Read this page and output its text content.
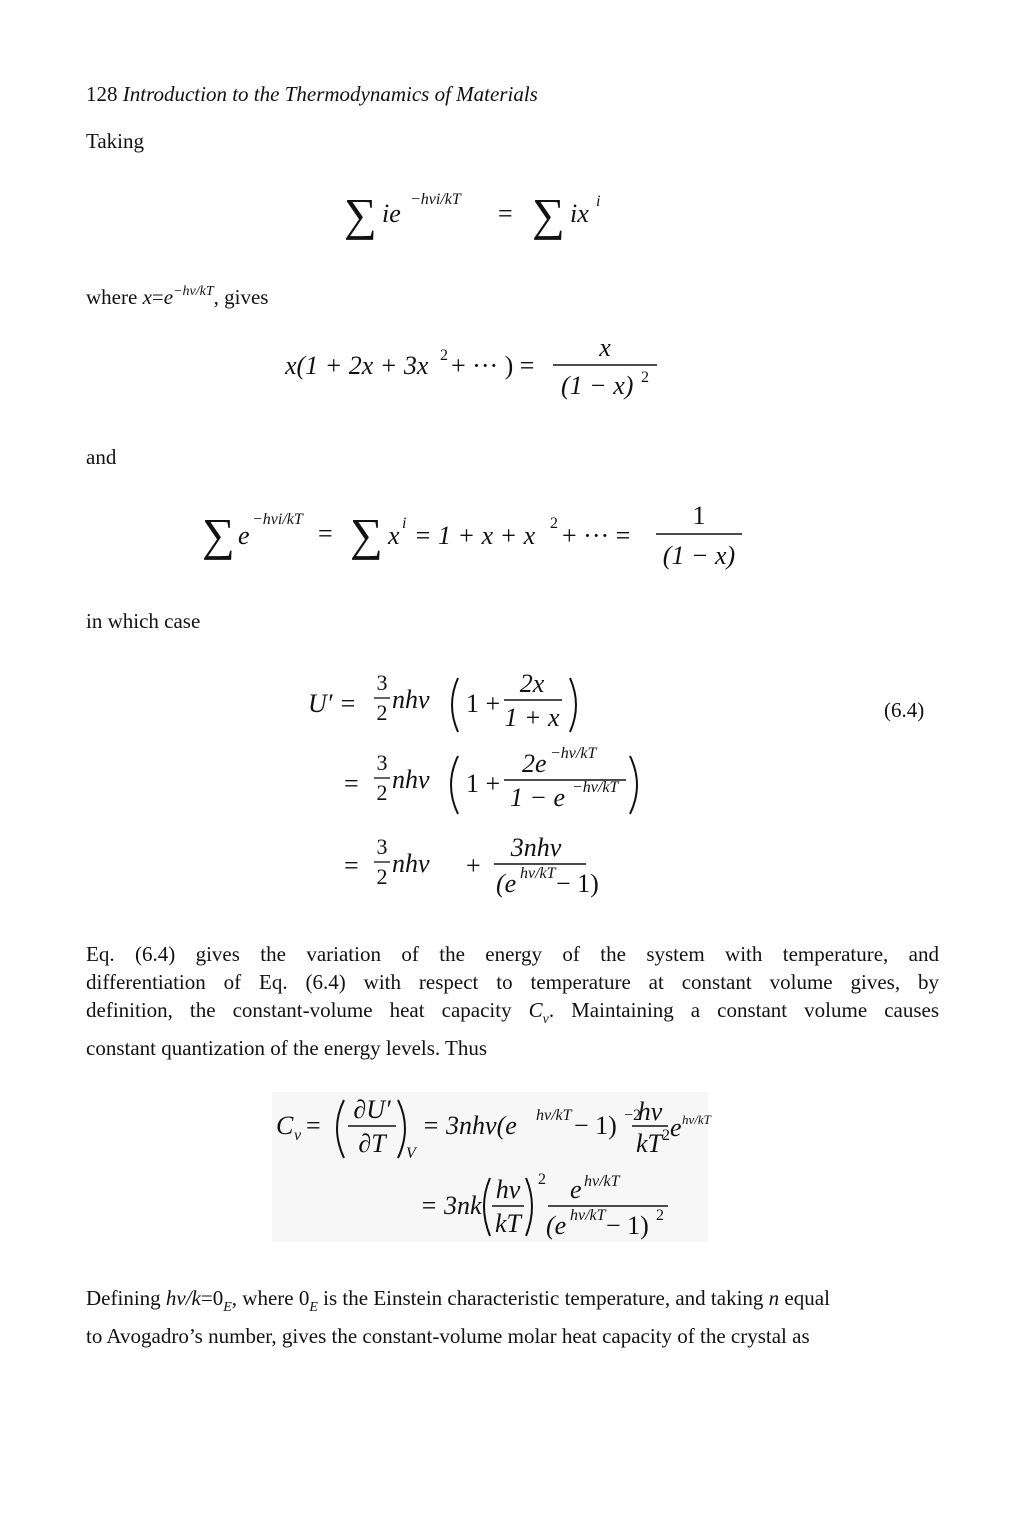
128 Introduction to the Thermodynamics of Materials
Taking
∑ ie −hνi/kT = ∑ ix i
where $x=e^{-h\nu/kT}$, gives
x(1 + 2x + 3x 2 + ··· ) =
x
(1 − x) 2
and
∑ e
−hνi/kT = ∑ x i = 1 + x + x 2 + ··· =
1
(1 − x)
in which case
U′ =
3
2 nhν 1 +
2x
1 + x
=
3
2 nhν 1 +
2e −hν/kT
1 − e −hν/kT
=
3
2 nhν +
3nhν
(e hν/kT − 1)
(6.4)
Eq. (6.4) gives the variation of the energy of the system with temperature, and
differentiation of Eq. (6.4) with respect to temperature at constant volume gives, by
definition, the constant-volume heat capacity $C_v$. Maintaining a constant volume causes
constant quantization of the energy levels. Thus
C v =
∂U′
∂T V
= 3nhν(e hν/kT − 1) −2
hν
kT 2 e hν/kT
= 3nk
hν
kT
2 e hν/kT
(e hν/kT − 1) 2
Defining $h\nu/k=0_E$, where $0_E$ is the Einstein characteristic temperature, and taking n equal
to Avogadro’s number, gives the constant-volume molar heat capacity of the crystal as
